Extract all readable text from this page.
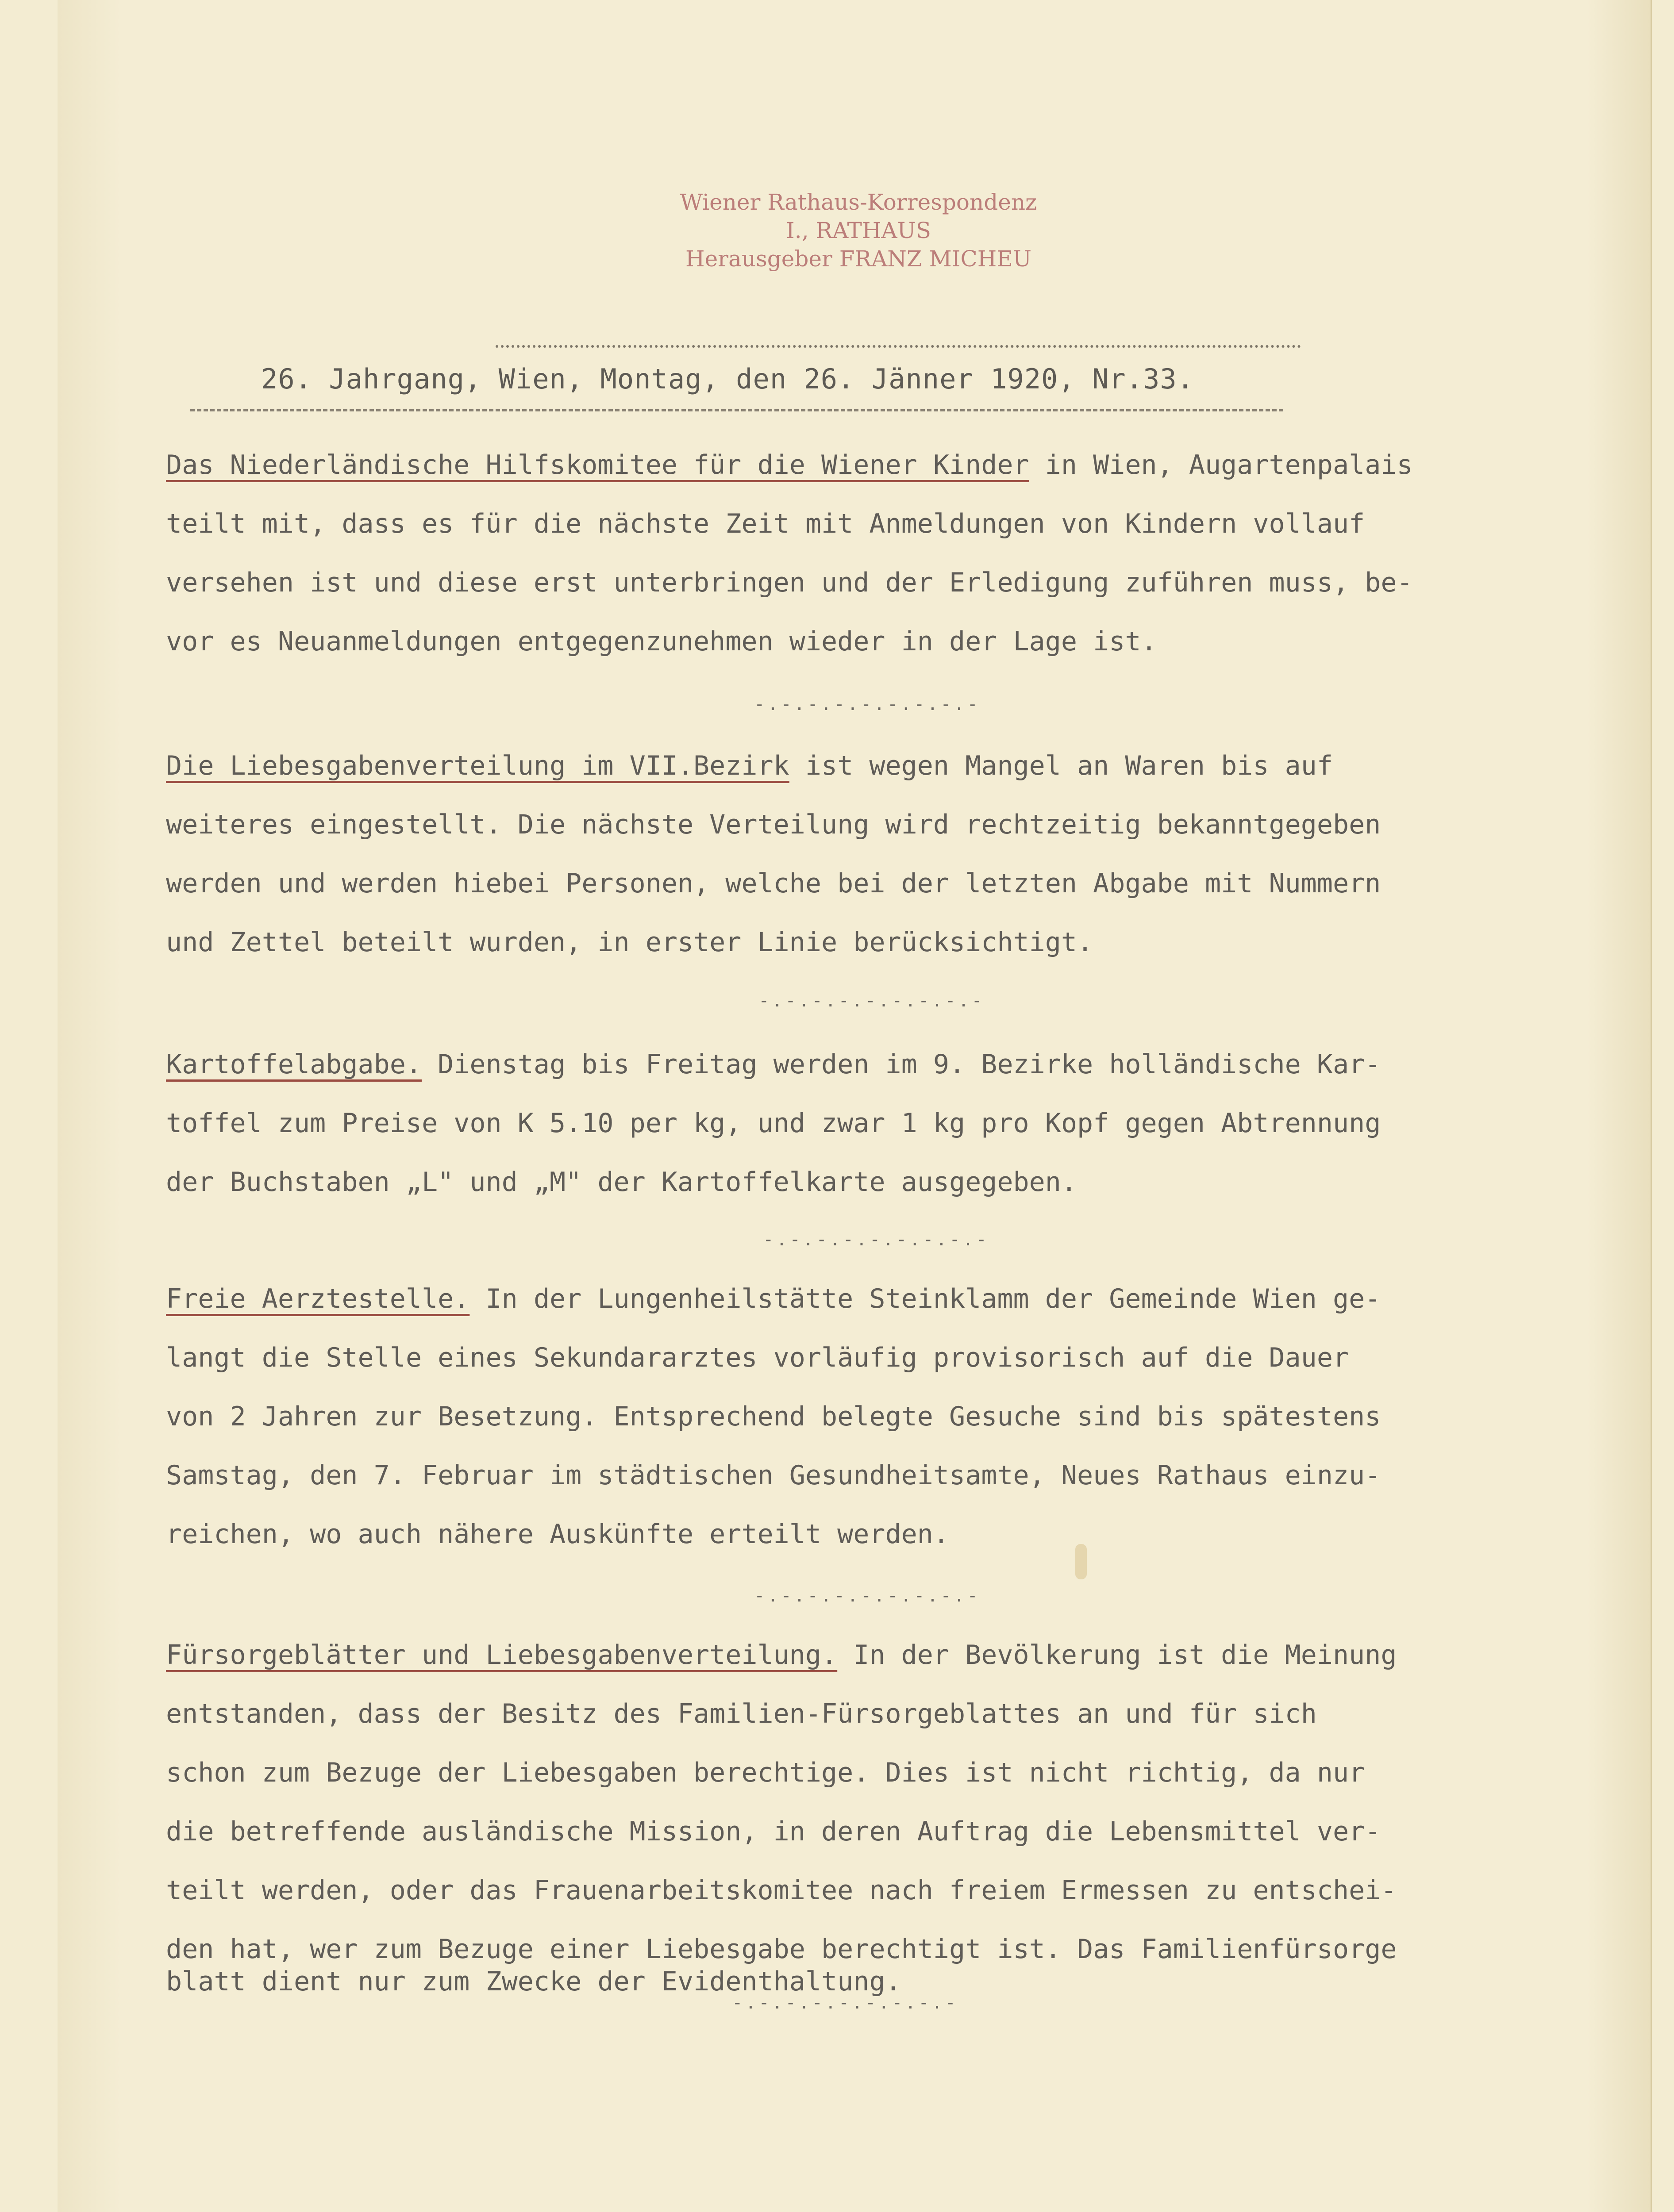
Wiener Rathaus-Korrespondenz
I., RATHAUS
Herausgeber FRANZ MICHEU
26. Jahrgang, Wien, Montag, den 26. Jänner 1920, Nr.33.
Das Niederländische Hilfskomitee für die Wiener Kinder in Wien, Augartenpalais
teilt mit, dass es für die nächste Zeit mit Anmeldungen von Kindern vollauf
versehen ist und diese erst unterbringen und der Erledigung zuführen muss, be-
vor es Neuanmeldungen entgegenzunehmen wieder in der Lage ist.
-.-.-.-.-.-.-.-.-
Die Liebesgabenverteilung im VII.Bezirk ist wegen Mangel an Waren bis auf
weiteres eingestellt. Die nächste Verteilung wird rechtzeitig bekanntgegeben
werden und werden hiebei Personen, welche bei der letzten Abgabe mit Nummern
und Zettel beteilt wurden, in erster Linie berücksichtigt.
-.-.-.-.-.-.-.-.-
Kartoffelabgabe. Dienstag bis Freitag werden im 9. Bezirke holländische Kar-
toffel zum Preise von K 5.10 per kg, und zwar 1 kg pro Kopf gegen Abtrennung
der Buchstaben „L" und „M" der Kartoffelkarte ausgegeben.
-.-.-.-.-.-.-.-.-
Freie Aerztestelle. In der Lungenheilstätte Steinklamm der Gemeinde Wien ge-
langt die Stelle eines Sekundararztes vorläufig provisorisch auf die Dauer
von 2 Jahren zur Besetzung. Entsprechend belegte Gesuche sind bis spätestens
Samstag, den 7. Februar im städtischen Gesundheitsamte, Neues Rathaus einzu-
reichen, wo auch nähere Auskünfte erteilt werden.
-.-.-.-.-.-.-.-.-
Fürsorgeblätter und Liebesgabenverteilung. In der Bevölkerung ist die Meinung
entstanden, dass der Besitz des Familien-Fürsorgeblattes an und für sich
schon zum Bezuge der Liebesgaben berechtige. Dies ist nicht richtig, da nur
die betreffende ausländische Mission, in deren Auftrag die Lebensmittel ver-
teilt werden, oder das Frauenarbeitskomitee nach freiem Ermessen zu entschei-
den hat, wer zum Bezuge einer Liebesgabe berechtigt ist. Das Familienfürsorge
blatt dient nur zum Zwecke der Evidenthaltung.
-.-.-.-.-.-.-.-.-
